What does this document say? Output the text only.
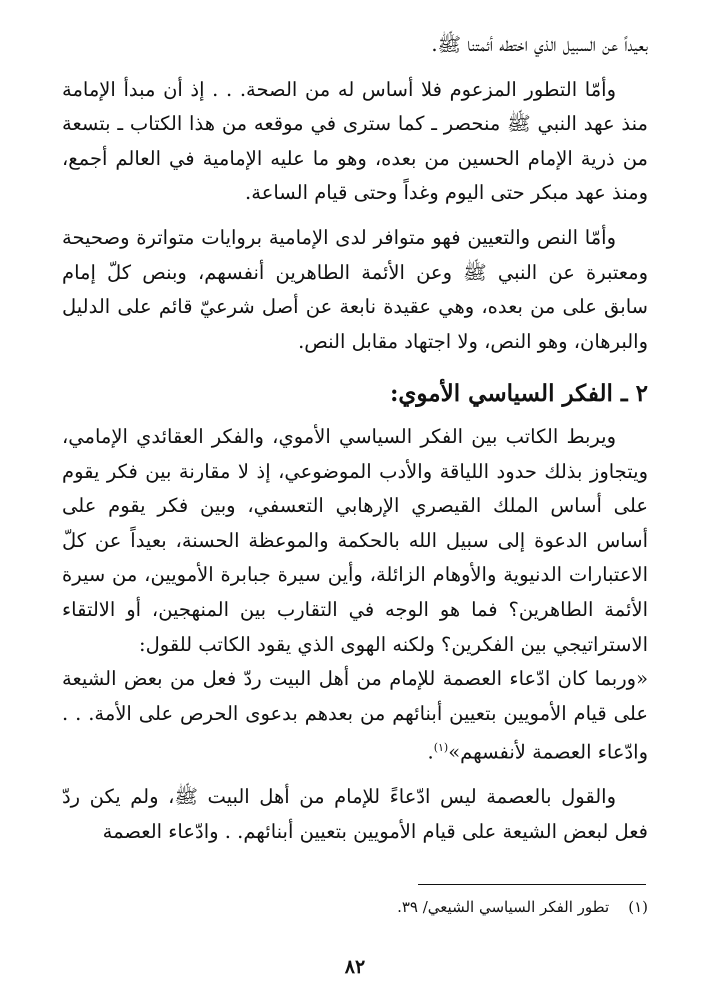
بعيداً عن السبيل الذي اختطه أئمتنا ﷺ.

وأمّا التطور المزعوم فلا أساس له من الصحة. . . إذ أن مبدأ الإمامة منذ عهد النبي ﷺ منحصر ـ كما سترى في موقعه من هذا الكتاب ـ بتسعة من ذرية الإمام الحسين من بعده، وهو ما عليه الإمامية في العالم أجمع، ومنذ عهد مبكر حتى اليوم وغداً وحتى قيام الساعة.

وأمّا النص والتعيين فهو متوافر لدى الإمامية بروايات متواترة وصحيحة ومعتبرة عن النبي ﷺ وعن الأئمة الطاهرين أنفسهم، وبنص كلّ إمام سابق على من بعده، وهي عقيدة نابعة عن أصل شرعيّ قائم على الدليل والبرهان، وهو النص، ولا اجتهاد مقابل النص.

٢ ـ الفكر السياسي الأموي:

ويربط الكاتب بين الفكر السياسي الأموي، والفكر العقائدي الإمامي، ويتجاوز بذلك حدود اللياقة والأدب الموضوعي، إذ لا مقارنة بين فكر يقوم على أساس الملك القيصري الإرهابي التعسفي، وبين فكر يقوم على أساس الدعوة إلى سبيل الله بالحكمة والموعظة الحسنة، بعيداً عن كلّ الاعتبارات الدنيوية والأوهام الزائلة، وأين سيرة جبابرة الأمويين، من سيرة الأئمة الطاهرين؟ فما هو الوجه في التقارب بين المنهجين، أو الالتقاء الاستراتيجي بين الفكرين؟ ولكنه الهوى الذي يقود الكاتب للقول:

«وربما كان ادّعاء العصمة للإمام من أهل البيت ردّ فعل من بعض الشيعة على قيام الأمويين بتعيين أبنائهم من بعدهم بدعوى الحرص على الأمة. . . وادّعاء العصمة لأنفسهم»$^{(١)}$.

والقول بالعصمة ليس ادّعاءً للإمام من أهل البيت ﷺ، ولم يكن ردّ فعل لبعض الشيعة على قيام الأمويين بتعيين أبنائهم. . وادّعاء العصمة

(١)    تطور الفكر السياسي الشيعي/ ٣٩.
٨٢
